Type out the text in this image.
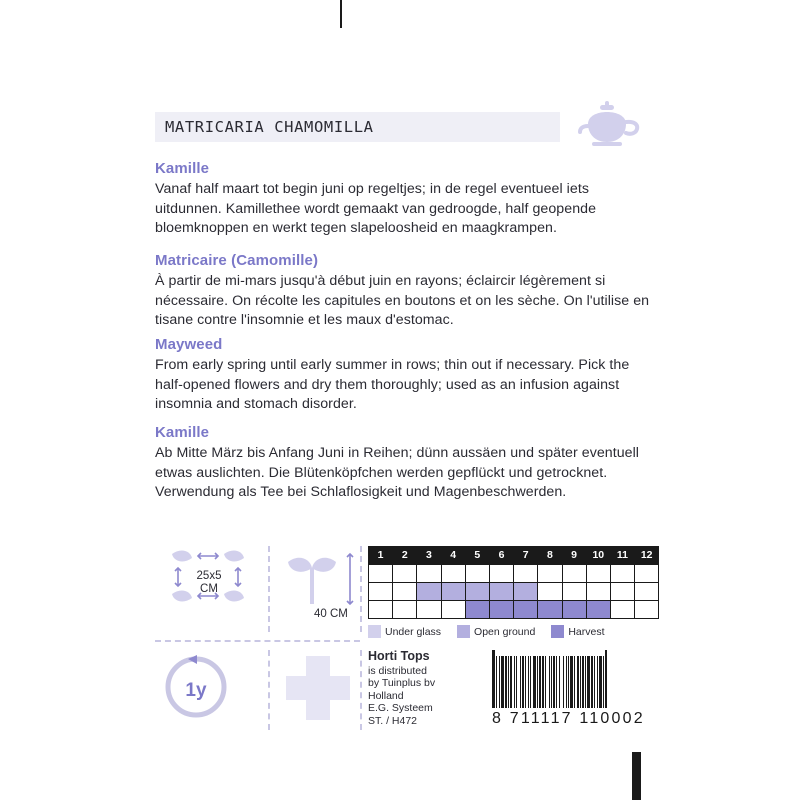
MATRICARIA CHAMOMILLA

Kamille

Vanaf half maart tot begin juni op regeltjes; in de regel eventueel iets uitdunnen. Kamillethee wordt gemaakt van gedroogde, half geopende bloemknoppen en werkt tegen slapeloosheid en maagkrampen.

Matricaire (Camomille)

À partir de mi-mars jusqu'à début juin en rayons; éclaircir légèrement si nécessaire. On récolte les capitules en boutons et on les sèche. On l'utilise en tisane contre l'insomnie et les maux d'estomac.

Mayweed

From early spring until early summer in rows; thin out if necessary. Pick the half-opened flowers and dry them thoroughly; used as an infusion against insomnia and stomach disorder.

Kamille

Ab Mitte März bis Anfang Juni in Reihen; dünn aussäen und später eventuell etwas auslichten. Die Blütenköpfchen werden gepflückt und getrocknet. Verwendung als Tee bei Schlaflosigkeit und Magenbeschwerden.

25x5
CM
40 CM
1y
1	2	3	4	5	6	7	8	9	10	11	12

Under glass	Open ground	Harvest
Horti Tops
is distributed
by Tuinplus bv
Holland
E.G. Systeem
ST. / H472	8 711117 110002
